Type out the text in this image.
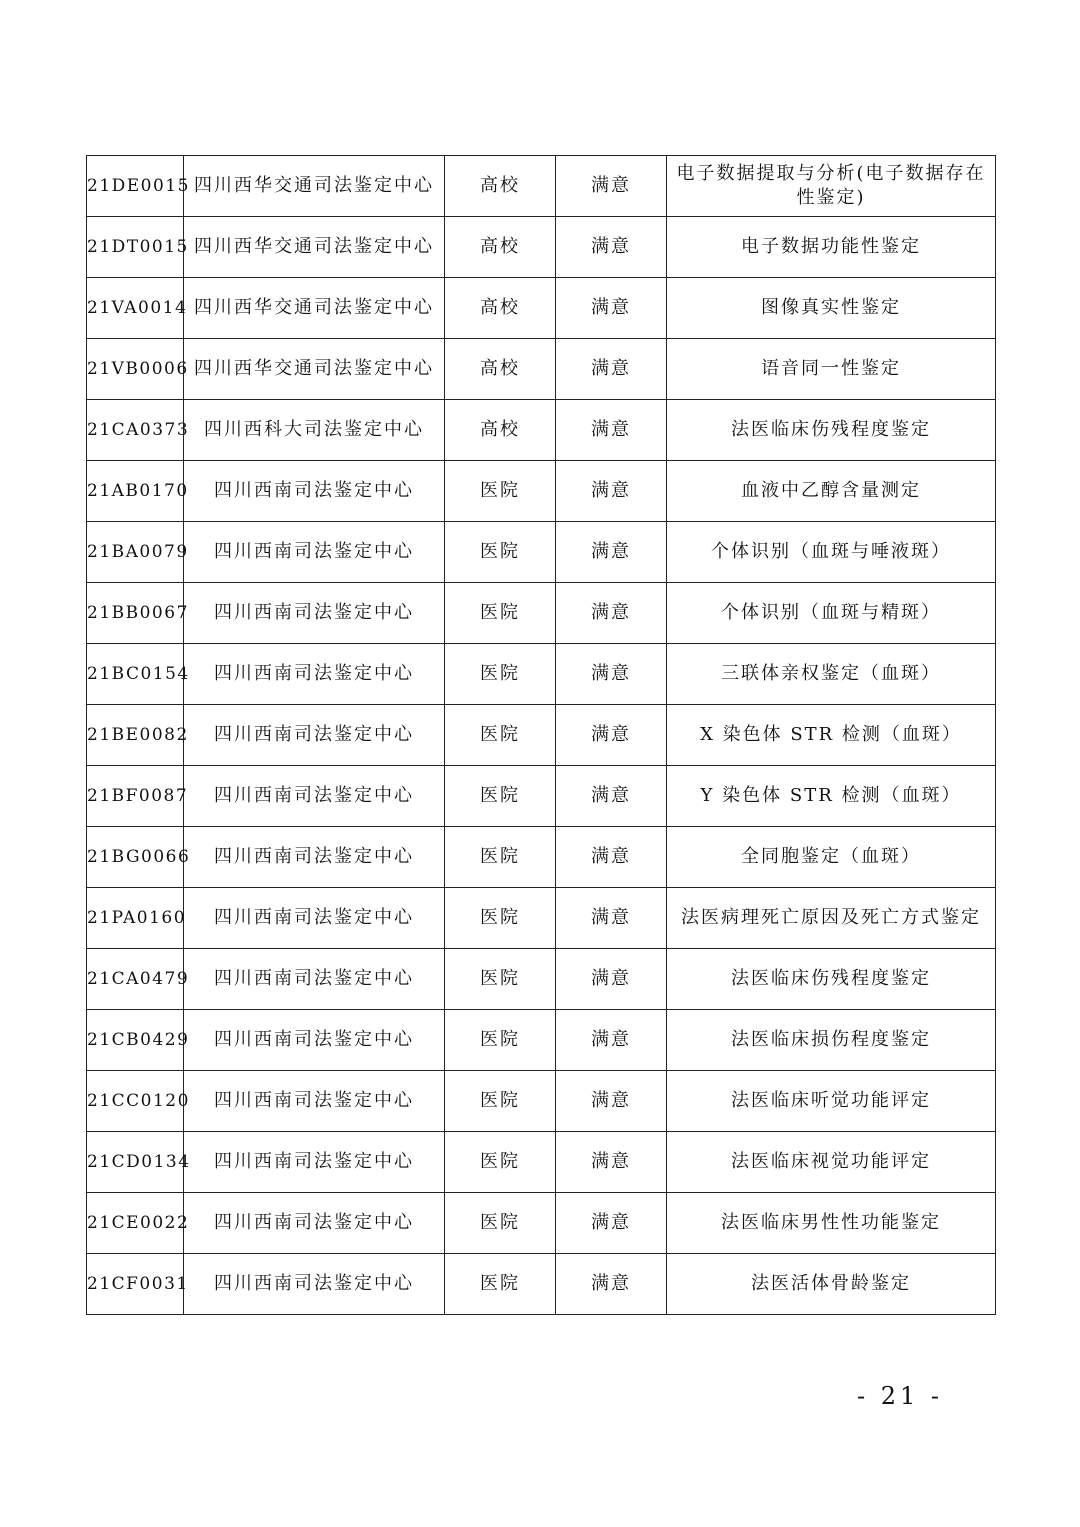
21DE0015	四川西华交通司法鉴定中心	高校	满意	电子数据提取与分析(电子数据存在性鉴定)
21DT0015	四川西华交通司法鉴定中心	高校	满意	电子数据功能性鉴定
21VA0014	四川西华交通司法鉴定中心	高校	满意	图像真实性鉴定
21VB0006	四川西华交通司法鉴定中心	高校	满意	语音同一性鉴定
21CA0373	四川西科大司法鉴定中心	高校	满意	法医临床伤残程度鉴定
21AB0170	四川西南司法鉴定中心	医院	满意	血液中乙醇含量测定
21BA0079	四川西南司法鉴定中心	医院	满意	个体识别（血斑与唾液斑）
21BB0067	四川西南司法鉴定中心	医院	满意	个体识别（血斑与精斑）
21BC0154	四川西南司法鉴定中心	医院	满意	三联体亲权鉴定（血斑）
21BE0082	四川西南司法鉴定中心	医院	满意	X 染色体 STR 检测（血斑）
21BF0087	四川西南司法鉴定中心	医院	满意	Y 染色体 STR 检测（血斑）
21BG0066	四川西南司法鉴定中心	医院	满意	全同胞鉴定（血斑）
21PA0160	四川西南司法鉴定中心	医院	满意	法医病理死亡原因及死亡方式鉴定
21CA0479	四川西南司法鉴定中心	医院	满意	法医临床伤残程度鉴定
21CB0429	四川西南司法鉴定中心	医院	满意	法医临床损伤程度鉴定
21CC0120	四川西南司法鉴定中心	医院	满意	法医临床听觉功能评定
21CD0134	四川西南司法鉴定中心	医院	满意	法医临床视觉功能评定
21CE0022	四川西南司法鉴定中心	医院	满意	法医临床男性性功能鉴定
21CF0031	四川西南司法鉴定中心	医院	满意	法医活体骨龄鉴定
- 21 -
